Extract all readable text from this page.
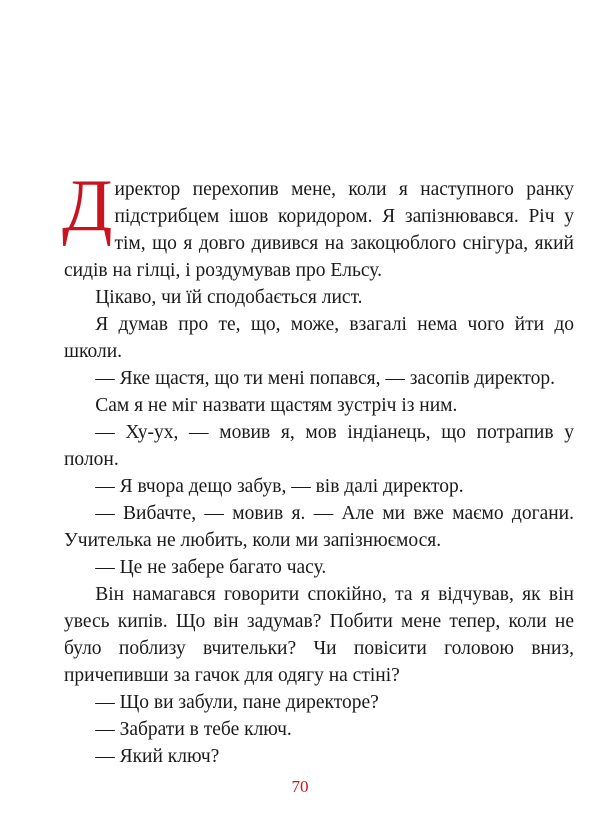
Директор перехопив мене, коли я наступного ранку підстрибцем ішов коридором. Я запізнювався. Річ у тім, що я довго дивився на закоцюблого снігура, який сидів на гілці, і роздумував про Ельсу.

Цікаво, чи їй сподобається лист.

Я думав про те, що, може, взагалі нема чого йти до школи.

— Яке щастя, що ти мені попався, — засопів директор.

Сам я не міг назвати щастям зустріч із ним.

— Ху-ух, — мовив я, мов індіанець, що потрапив у полон.

— Я вчора дещо забув, — вів далі директор.

— Вибачте, — мовив я. — Але ми вже маємо догани. Учителька не любить, коли ми запізнюємося.

— Це не забере багато часу.

Він намагався говорити спокійно, та я відчував, як він увесь кипів. Що він задумав? Побити мене тепер, коли не було поблизу вчительки? Чи повісити головою вниз, причепивши за гачок для одягу на стіні?

— Що ви забули, пане директоре?

— Забрати в тебе ключ.

— Який ключ?

70
